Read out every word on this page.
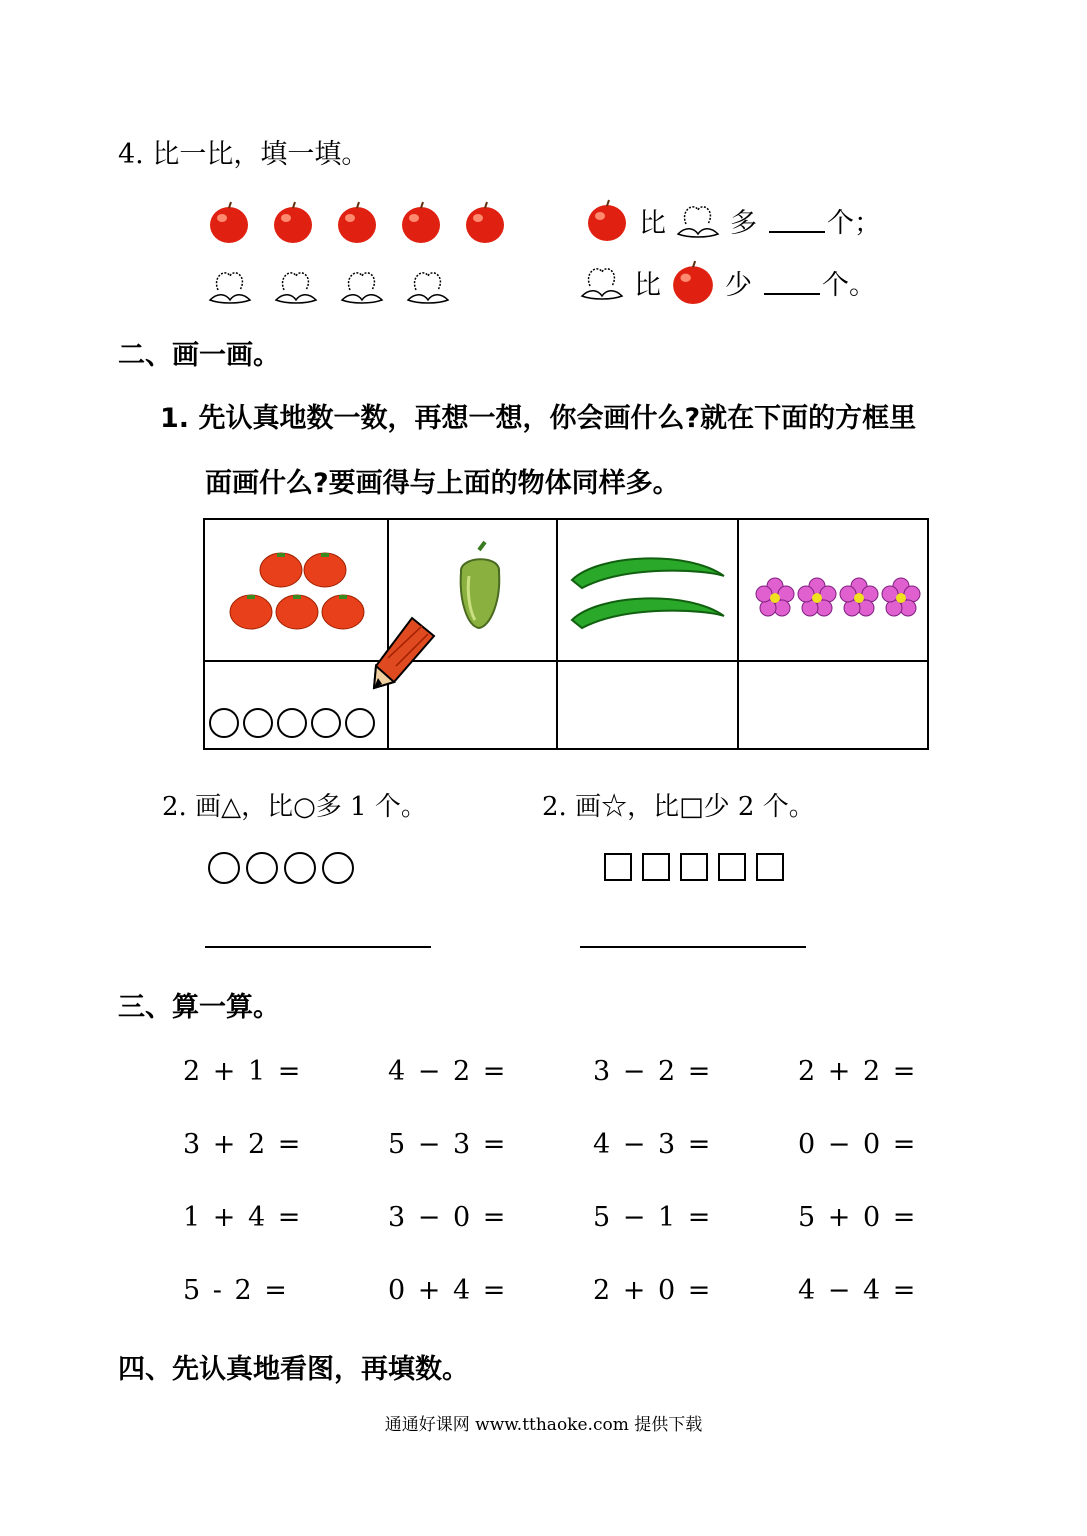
4. 比一比，填一填。
比 多	个；
比 少	个。
二、画一画。
1. 先认真地数一数，再想一想，你会画什么?就在下面的方框里
面画什么?要画得与上面的物体同样多。

2. 画△，比○多 1 个。	2. 画☆，比□少 2 个。
三、算一算。
2 + 1 =	4 − 2 =	3 − 2 =	2 + 2 =
3 + 2 =	5 − 3 =	4 − 3 =	0 − 0 =
1 + 4 =	3 − 0 =	5 − 1 =	5 + 0 =
5 - 2 =	0 + 4 =	2 + 0 =	4 − 4 =
四、先认真地看图，再填数。
通通好课网 www.tthaoke.com 提供下载
